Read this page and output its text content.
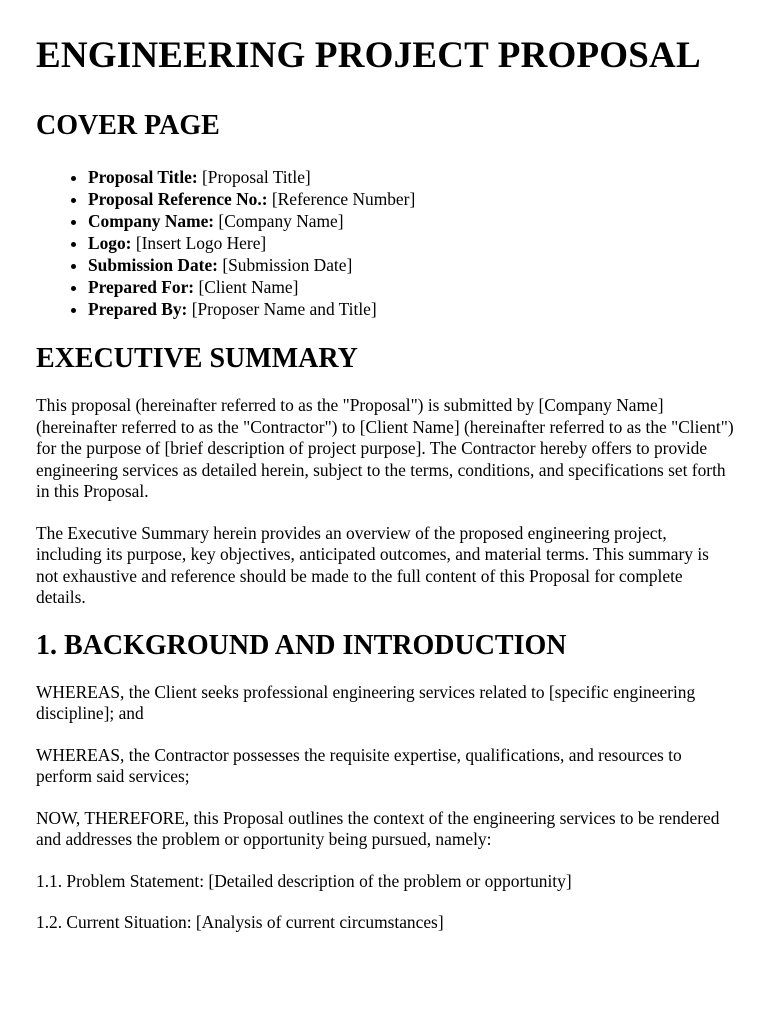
ENGINEERING PROJECT PROPOSAL
COVER PAGE
• Proposal Title: [Proposal Title]
• Proposal Reference No.: [Reference Number]
• Company Name: [Company Name]
• Logo: [Insert Logo Here]
• Submission Date: [Submission Date]
• Prepared For: [Client Name]
• Prepared By: [Proposer Name and Title]
EXECUTIVE SUMMARY

This proposal (hereinafter referred to as the "Proposal") is submitted by [Company Name] (hereinafter referred to as the "Contractor") to [Client Name] (hereinafter referred to as the "Client") for the purpose of [brief description of project purpose]. The Contractor hereby offers to provide engineering services as detailed herein, subject to the terms, conditions, and specifications set forth in this Proposal.

The Executive Summary herein provides an overview of the proposed engineering project, including its purpose, key objectives, anticipated outcomes, and material terms. This summary is not exhaustive and reference should be made to the full content of this Proposal for complete details.

1. BACKGROUND AND INTRODUCTION

WHEREAS, the Client seeks professional engineering services related to [specific engineering discipline]; and

WHEREAS, the Contractor possesses the requisite expertise, qualifications, and resources to perform said services;

NOW, THEREFORE, this Proposal outlines the context of the engineering services to be rendered and addresses the problem or opportunity being pursued, namely:

1.1. Problem Statement: [Detailed description of the problem or opportunity]

1.2. Current Situation: [Analysis of current circumstances]
